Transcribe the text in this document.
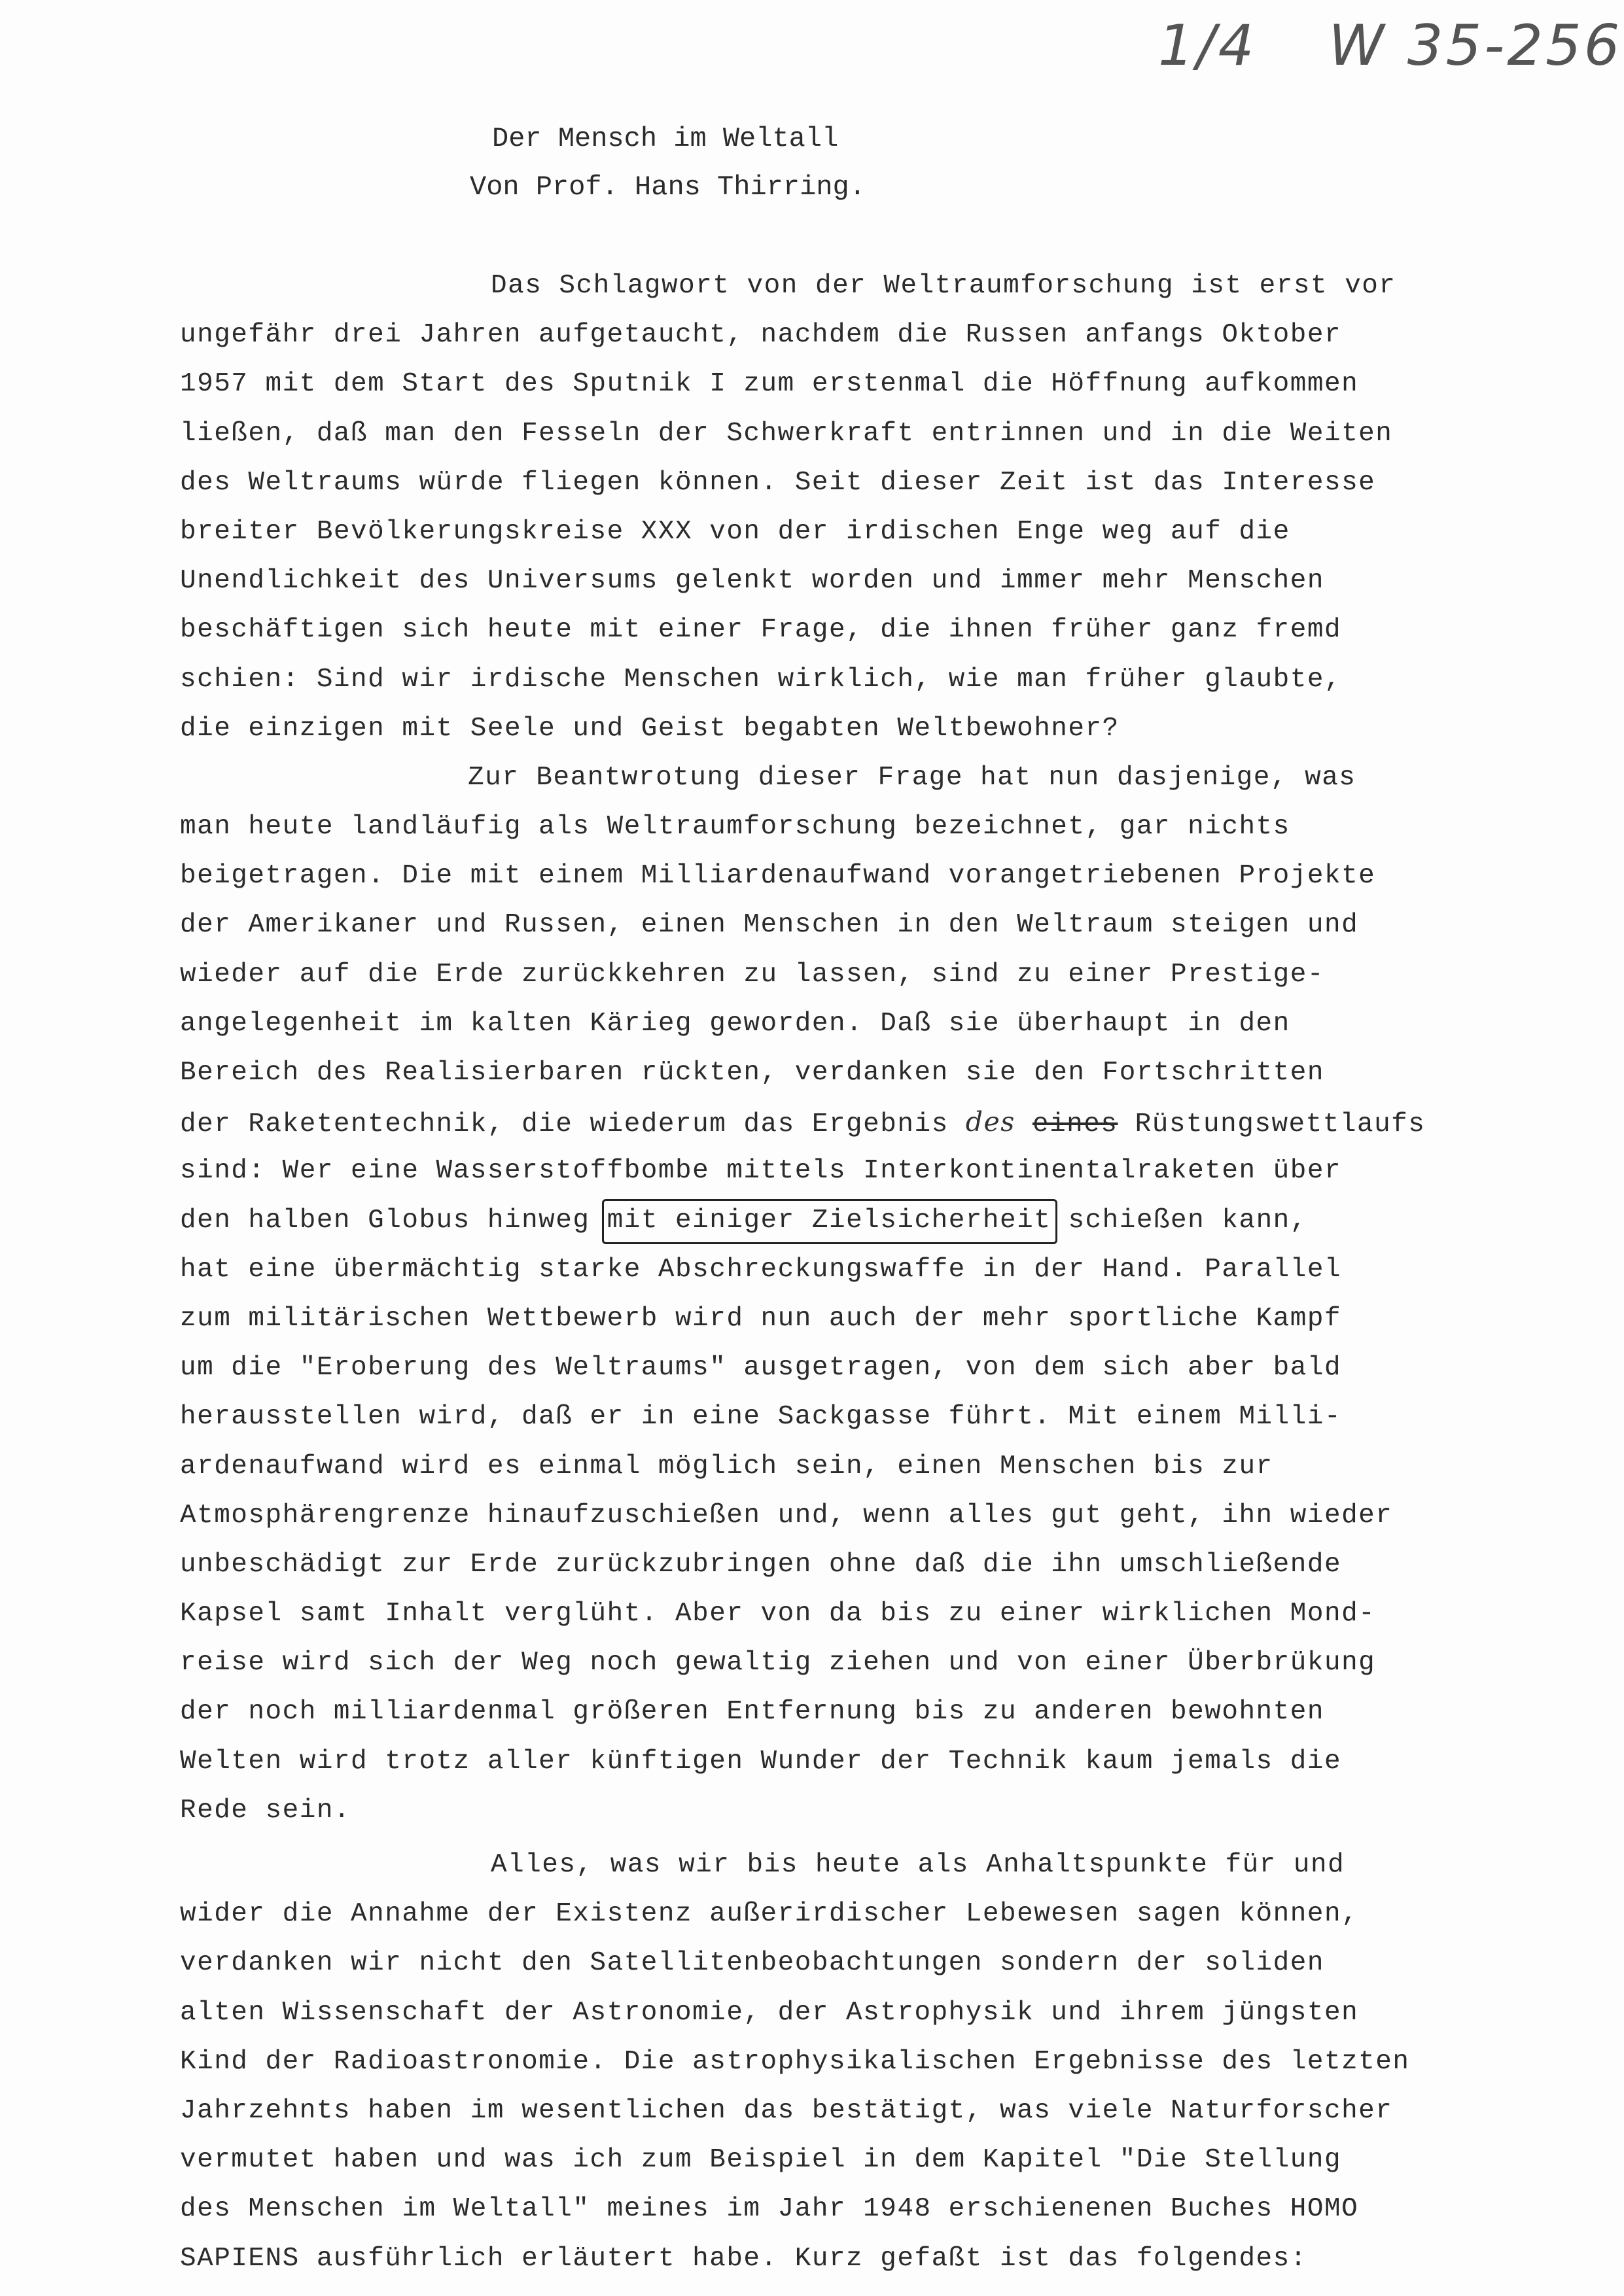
1/4 W 35-256
Der Mensch im Weltall
Von Prof. Hans Thirring.
Das Schlagwort von der Weltraumforschung ist erst vor
ungefähr drei Jahren aufgetaucht, nachdem die Russen anfangs Oktober
1957 mit dem Start des Sputnik I zum erstenmal die Höffnung aufkommen
ließen, daß man den Fesseln der Schwerkraft entrinnen und in die Weiten
des Weltraums würde fliegen können. Seit dieser Zeit ist das Interesse
breiter Bevölkerungskreise XXX von der irdischen Enge weg auf die
Unendlichkeit des Universums gelenkt worden und immer mehr Menschen
beschäftigen sich heute mit einer Frage, die ihnen früher ganz fremd
schien: Sind wir irdische Menschen wirklich, wie man früher glaubte,
die einzigen mit Seele und Geist begabten Weltbewohner?
Zur Beantwrotung dieser Frage hat nun dasjenige, was
man heute landläufig als Weltraumforschung bezeichnet, gar nichts
beigetragen. Die mit einem Milliardenaufwand vorangetriebenen Projekte
der Amerikaner und Russen, einen Menschen in den Weltraum steigen und
wieder auf die Erde zurückkehren zu lassen, sind zu einer Prestige-
angelegenheit im kalten Kärieg geworden. Daß sie überhaupt in den
Bereich des Realisierbaren rückten, verdanken sie den Fortschritten
der Raketentechnik, die wiederum das Ergebnis des eines Rüstungswettlaufs
sind: Wer eine Wasserstoffbombe mittels Interkontinentalraketen über
den halben Globus hinweg mit einiger Zielsicherheit schießen kann,
hat eine übermächtig starke Abschreckungswaffe in der Hand. Parallel
zum militärischen Wettbewerb wird nun auch der mehr sportliche Kampf
um die "Eroberung des Weltraums" ausgetragen, von dem sich aber bald
herausstellen wird, daß er in eine Sackgasse führt. Mit einem Milli-
ardenaufwand wird es einmal möglich sein, einen Menschen bis zur
Atmosphärengrenze hinaufzuschießen und, wenn alles gut geht, ihn wieder
unbeschädigt zur Erde zurückzubringen ohne daß die ihn umschließende
Kapsel samt Inhalt verglüht. Aber von da bis zu einer wirklichen Mond-
reise wird sich der Weg noch gewaltig ziehen und von einer Überbrükung
der noch milliardenmal größeren Entfernung bis zu anderen bewohnten
Welten wird trotz aller künftigen Wunder der Technik kaum jemals die
Rede sein.
Alles, was wir bis heute als Anhaltspunkte für und
wider die Annahme der Existenz außerirdischer Lebewesen sagen können,
verdanken wir nicht den Satellitenbeobachtungen sondern der soliden
alten Wissenschaft der Astronomie, der Astrophysik und ihrem jüngsten
Kind der Radioastronomie. Die astrophysikalischen Ergebnisse des letzten
Jahrzehnts haben im wesentlichen das bestätigt, was viele Naturforscher
vermutet haben und was ich zum Beispiel in dem Kapitel "Die Stellung
des Menschen im Weltall" meines im Jahr 1948 erschienenen Buches HOMO
SAPIENS ausführlich erläutert habe. Kurz gefaßt ist das folgendes:
